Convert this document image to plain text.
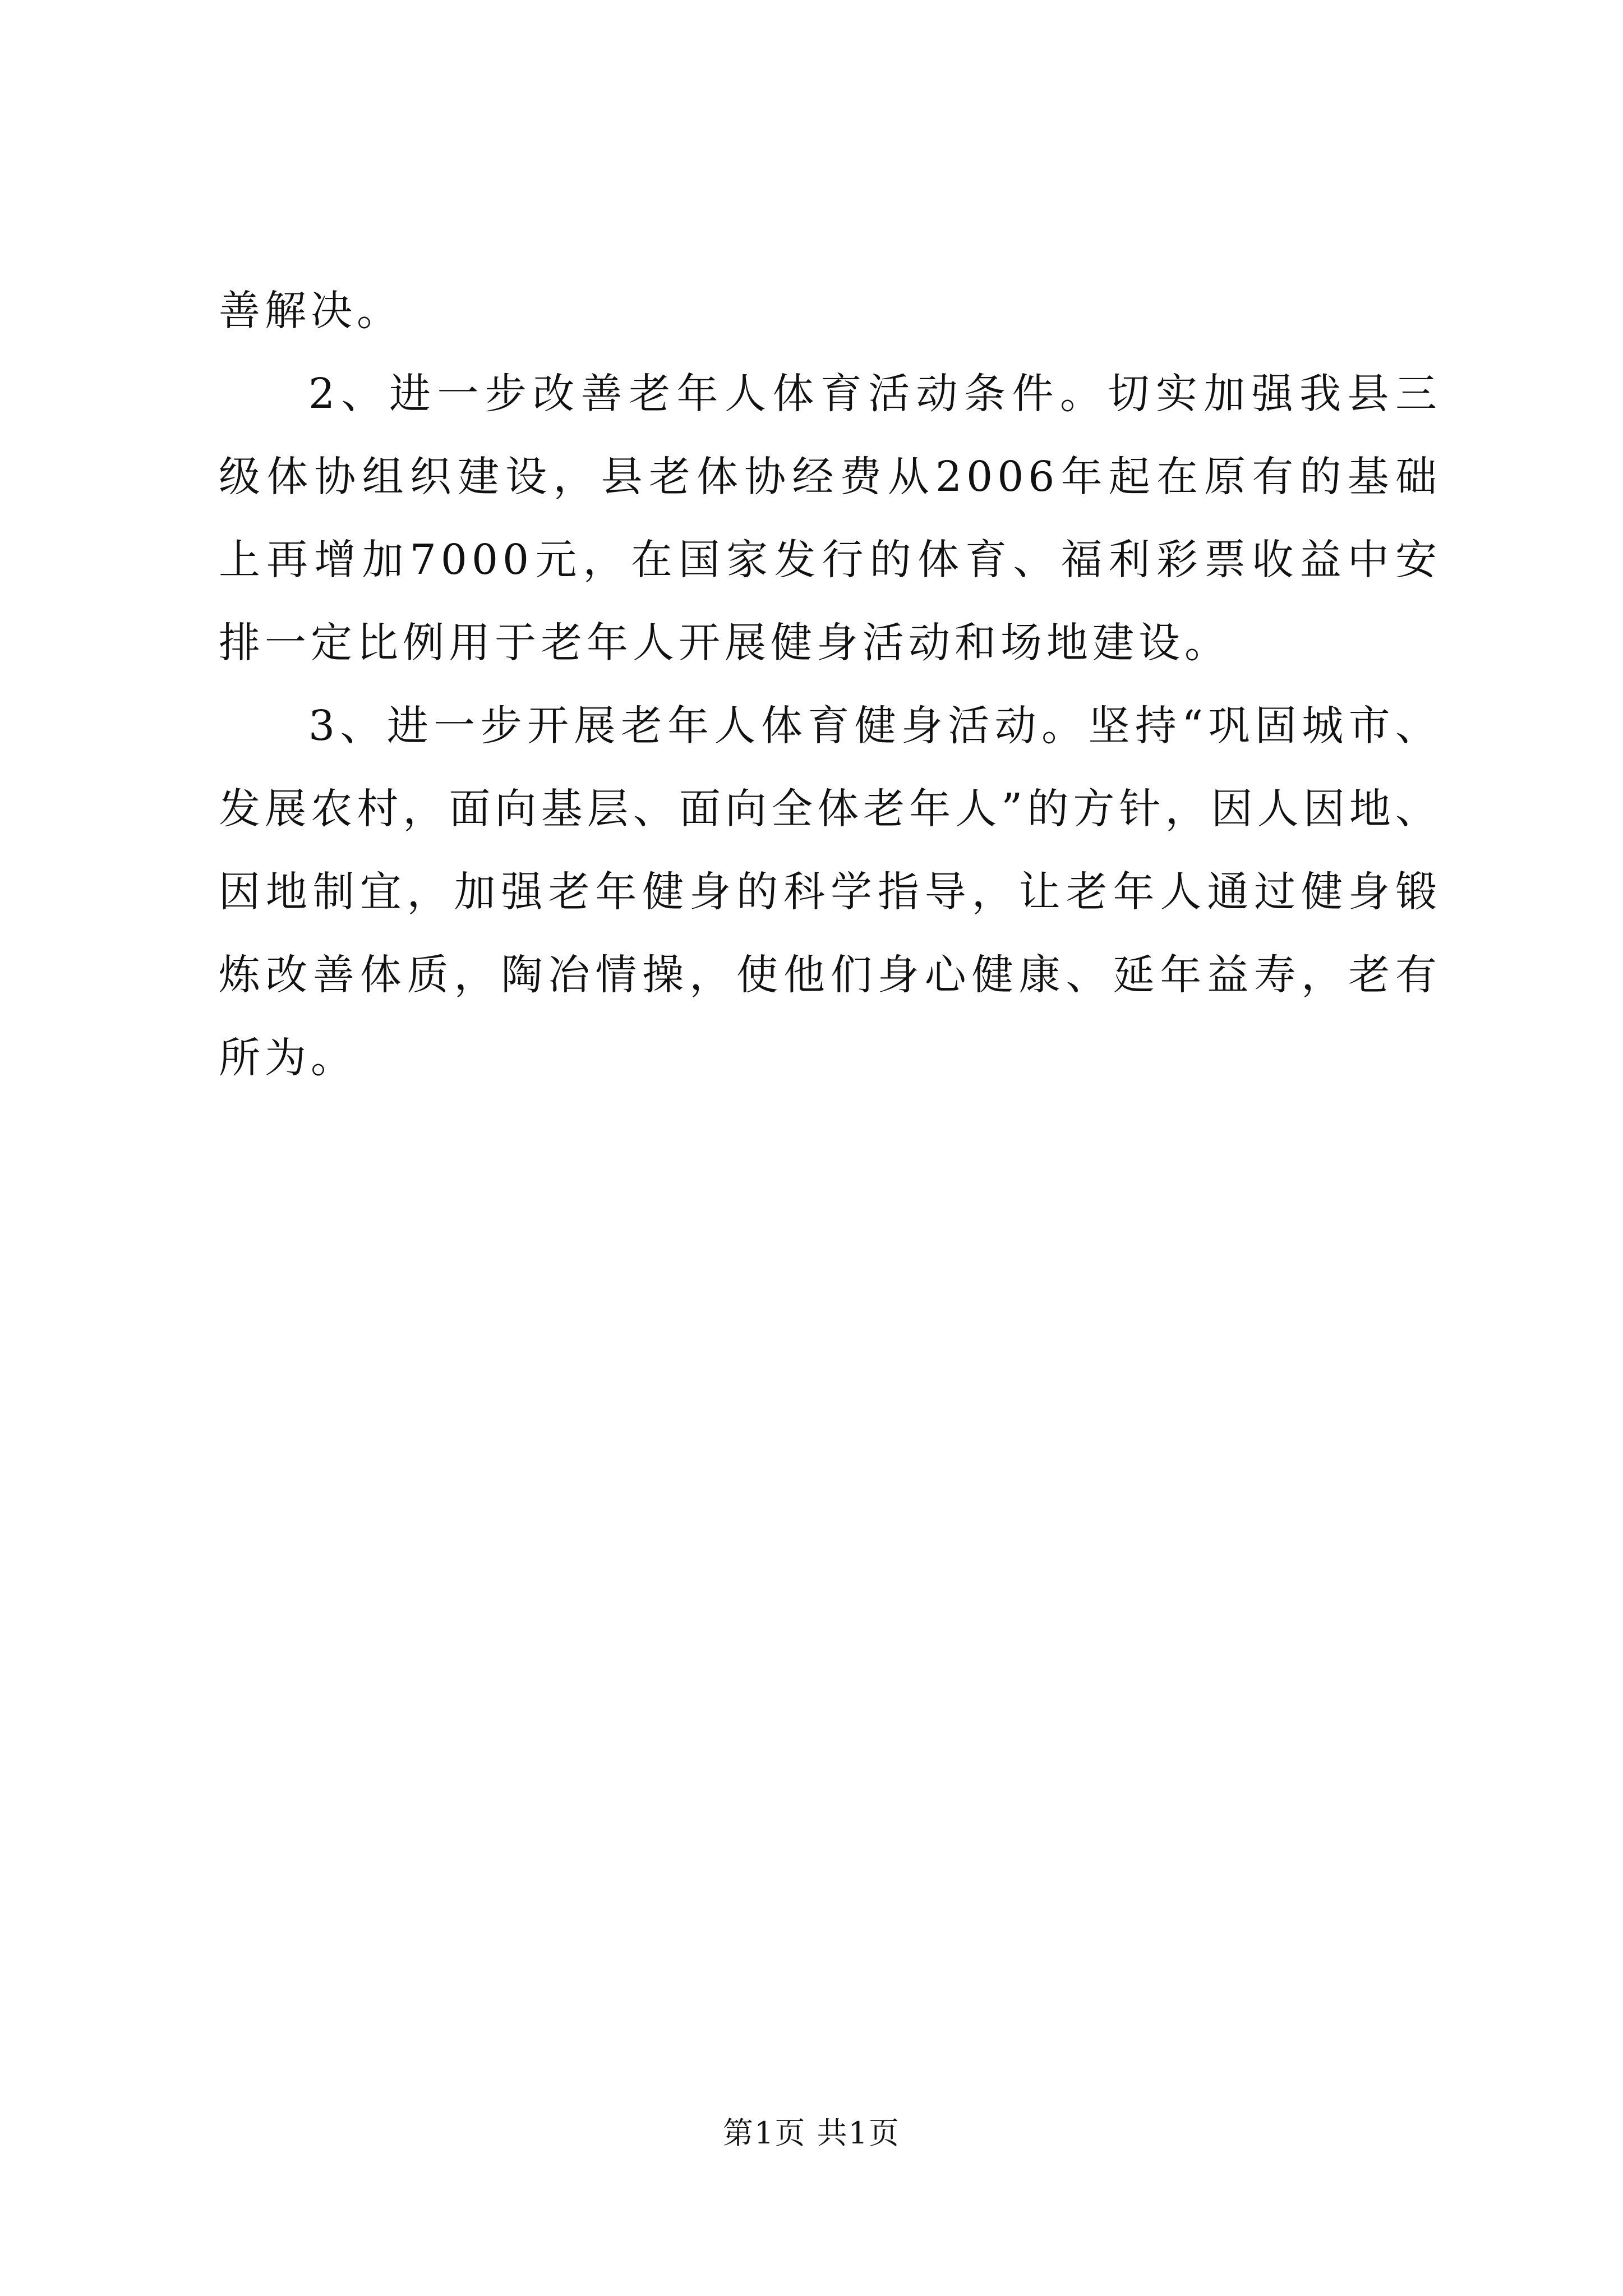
善解决。

2、进一步改善老年人体育活动条件。切实加强我县三级体协组织建设，县老体协经费从2006年起在原有的基础上再增加7000元，在国家发行的体育、福利彩票收益中安排一定比例用于老年人开展健身活动和场地建设。

3、进一步开展老年人体育健身活动。坚持“巩固城市、发展农村，面向基层、面向全体老年人”的方针，因人因地、因地制宜，加强老年健身的科学指导，让老年人通过健身锻炼改善体质，陶冶情操，使他们身心健康、延年益寿，老有所为。

第1页 共1页
